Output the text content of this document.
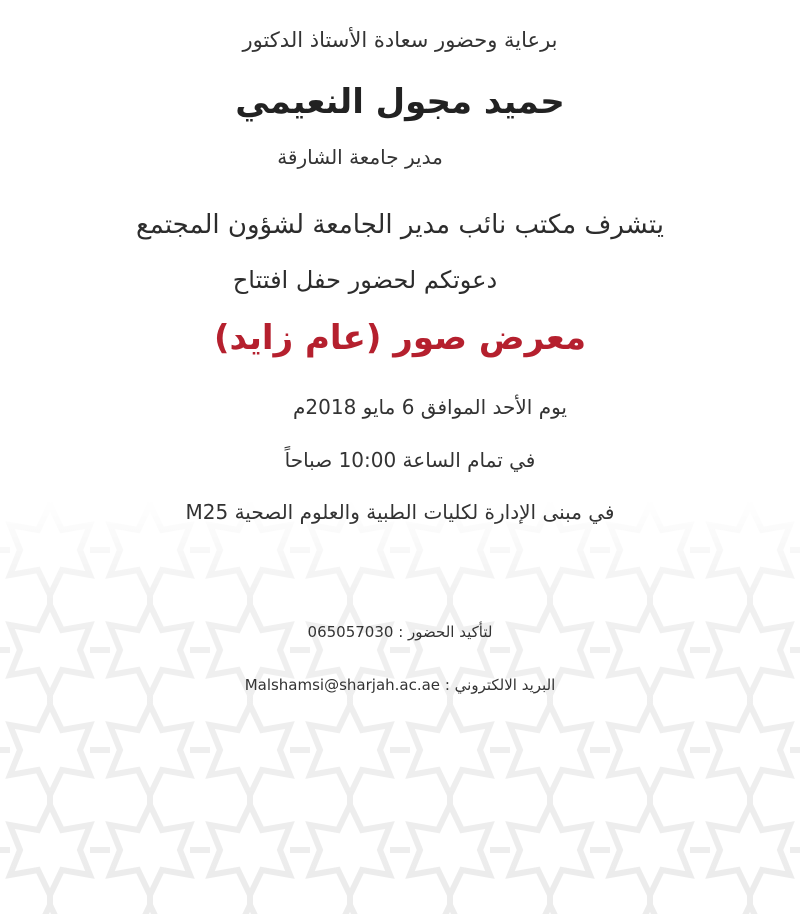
برعاية وحضور سعادة الأستاذ الدكتور
حميد مجول النعيمي
مدير جامعة الشارقة
يتشرف مكتب نائب مدير الجامعة لشؤون المجتمع
دعوتكم لحضور حفل افتتاح
معرض صور (عام زايد)
يوم الأحد الموافق 6 مايو 2018م
في تمام الساعة 10:00 صباحاً
في مبنى الإدارة لكليات الطبية والعلوم الصحية M25
لتأكيد الحضور : 065057030
البريد الالكتروني : Malshamsi@sharjah.ac.ae
